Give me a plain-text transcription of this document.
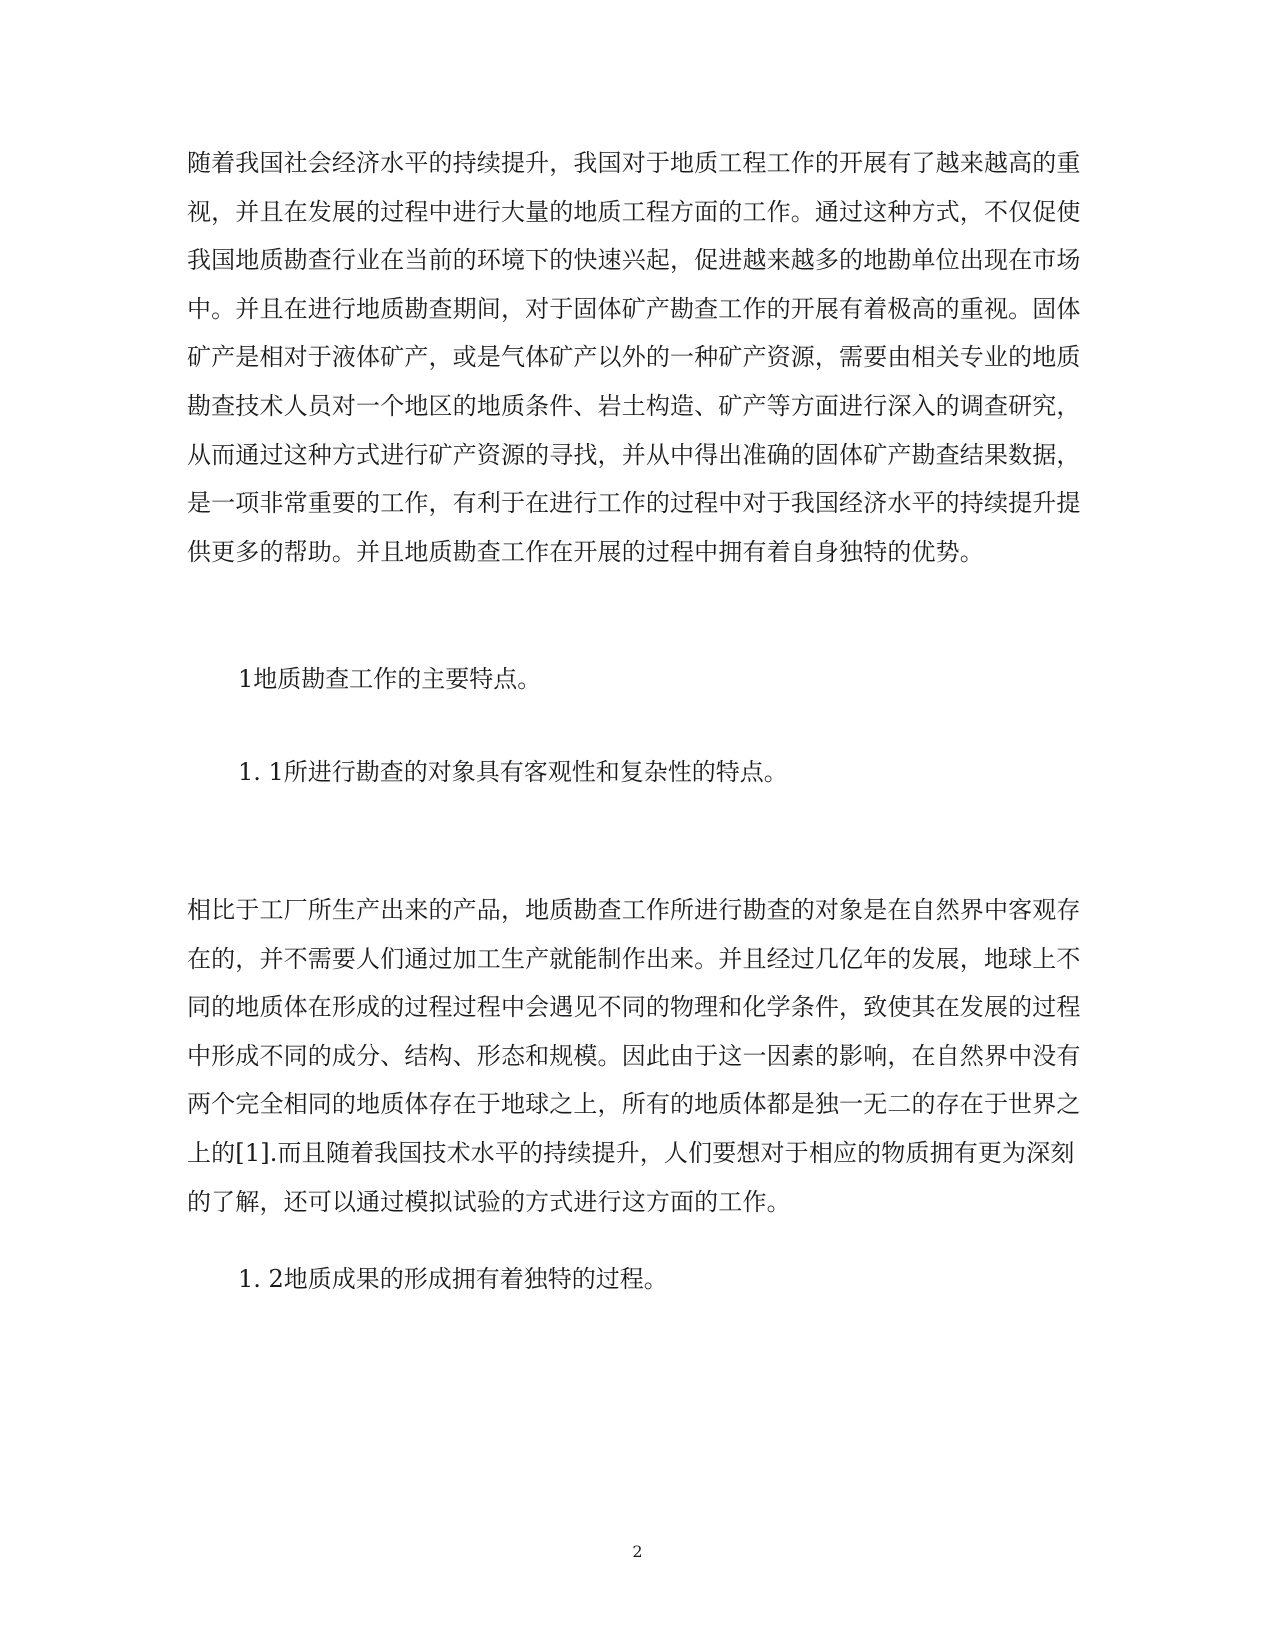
随着我国社会经济水平的持续提升，我国对于地质工程工作的开展有了越来越高的重视，并且在发展的过程中进行大量的地质工程方面的工作。通过这种方式，不仅促使我国地质勘查行业在当前的环境下的快速兴起，促进越来越多的地勘单位出现在市场中。并且在进行地质勘查期间，对于固体矿产勘查工作的开展有着极高的重视。固体矿产是相对于液体矿产，或是气体矿产以外的一种矿产资源，需要由相关专业的地质勘查技术人员对一个地区的地质条件、岩土构造、矿产等方面进行深入的调查研究，从而通过这种方式进行矿产资源的寻找，并从中得出准确的固体矿产勘查结果数据，是一项非常重要的工作，有利于在进行工作的过程中对于我国经济水平的持续提升提供更多的帮助。并且地质勘查工作在开展的过程中拥有着自身独特的优势。

1地质勘查工作的主要特点。

1. 1所进行勘查的对象具有客观性和复杂性的特点。

相比于工厂所生产出来的产品，地质勘查工作所进行勘查的对象是在自然界中客观存在的，并不需要人们通过加工生产就能制作出来。并且经过几亿年的发展，地球上不同的地质体在形成的过程过程中会遇见不同的物理和化学条件，致使其在发展的过程中形成不同的成分、结构、形态和规模。因此由于这一因素的影响，在自然界中没有两个完全相同的地质体存在于地球之上，所有的地质体都是独一无二的存在于世界之上的[1].而且随着我国技术水平的持续提升，人们要想对于相应的物质拥有更为深刻的了解，还可以通过模拟试验的方式进行这方面的工作。

1. 2地质成果的形成拥有着独特的过程。

2
